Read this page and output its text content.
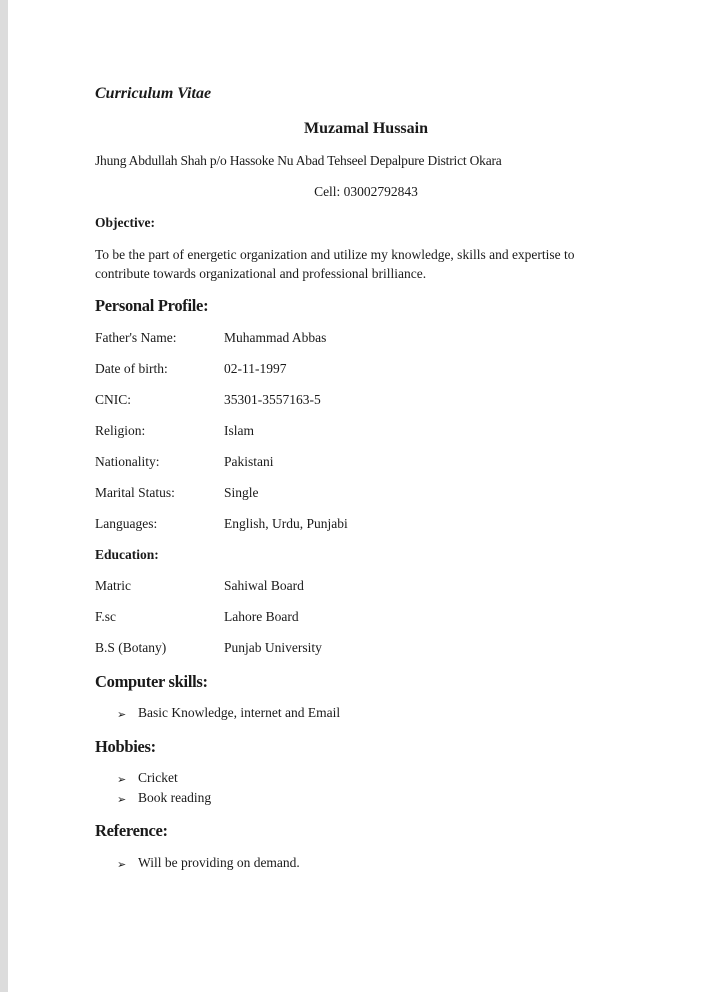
Curriculum Vitae
Muzamal Hussain
Jhung Abdullah Shah p/o Hassoke Nu Abad Tehseel Depalpure District Okara
Cell: 03002792843
Objective:
To be the part of energetic organization and utilize my knowledge, skills and expertise to contribute towards organizational and professional brilliance.
Personal Profile:
Father's Name:	Muhammad Abbas
Date of birth:	02-11-1997
CNIC:	35301-3557163-5
Religion:	Islam
Nationality:	Pakistani
Marital Status:	Single
Languages:	English, Urdu, Punjabi
Education:
Matric	Sahiwal Board
F.sc	Lahore Board
B.S (Botany)	Punjab University
Computer skills:
➢ Basic Knowledge, internet and Email
Hobbies:
➢ Cricket
➢ Book reading
Reference:
➢ Will be providing on demand.
